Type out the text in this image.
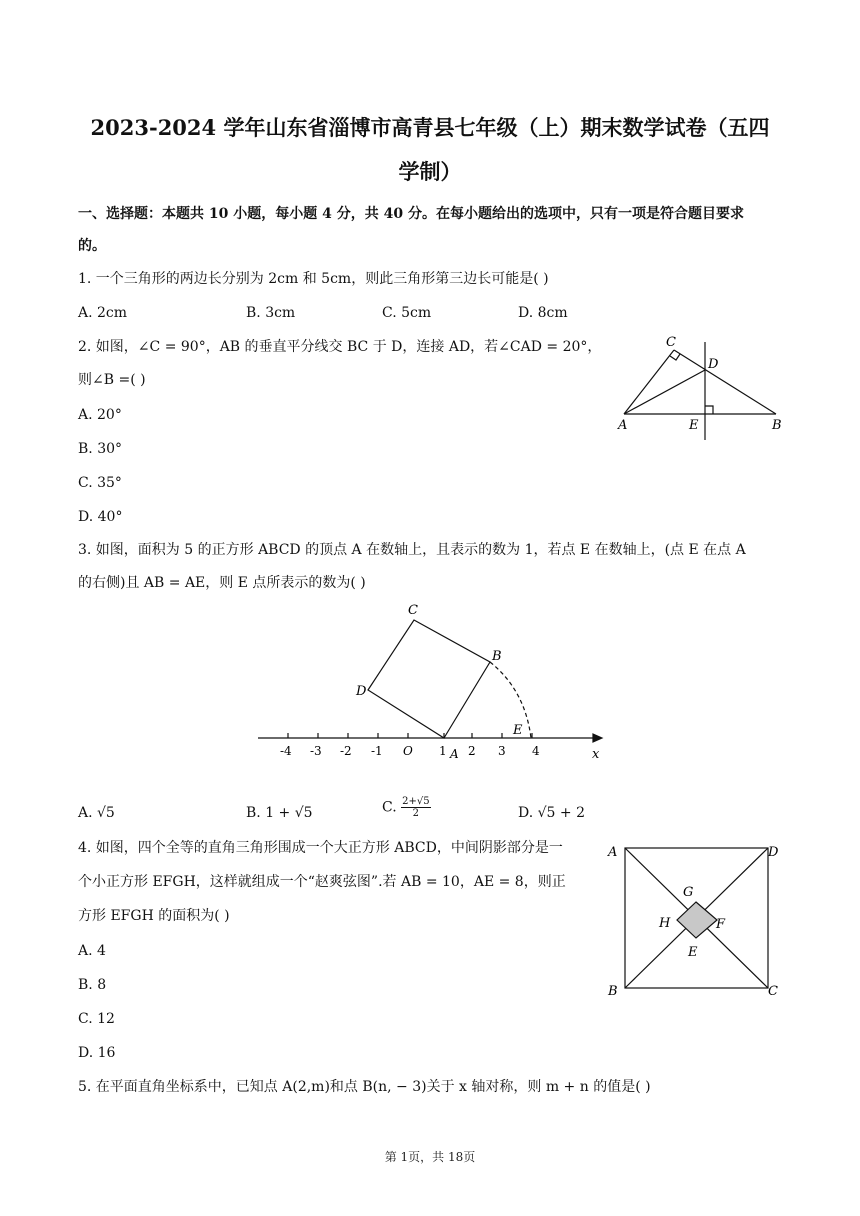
2023-2024 学年山东省淄博市高青县七年级（上）期末数学试卷（五四
学制）
一、选择题：本题共 10 小题，每小题 4 分，共 40 分。在每小题给出的选项中，只有一项是符合题目要求
的。
1. 一个三角形的两边长分别为 2cm 和 5cm，则此三角形第三边长可能是( )
A. 2cm	B. 3cm	C. 5cm	D. 8cm
2. 如图，∠C = 90°，AB 的垂直平分线交 BC 于 D，连接 AD，若∠CAD = 20°，
则∠B =( )
A. 20°
B. 30°
C. 35°
D. 40°
C
D
A	E	B
3. 如图，面积为 5 的正方形 ABCD 的顶点 A 在数轴上，且表示的数为 1，若点 E 在数轴上，(点 E 在点 A
的右侧)且 AB = AE，则 E 点所表示的数为( )
-4 -3 -2 -1 O 1 2 3 4
A
B
C
D
E
x
A. √5	B. 1 + √5	C. $\frac{2+√5}{2}$	D. √5 + 2
4. 如图，四个全等的直角三角形围成一个大正方形 ABCD，中间阴影部分是一
个小正方形 EFGH，这样就组成一个“赵爽弦图”.若 AB = 10，AE = 8，则正
方形 EFGH 的面积为( )
A. 4
B. 8
C. 12
D. 16
A	D
B	C
G
F
H
E
5. 在平面直角坐标系中，已知点 A(2,m)和点 B(n, − 3)关于 x 轴对称，则 m + n 的值是( )
第 1页，共 18页
